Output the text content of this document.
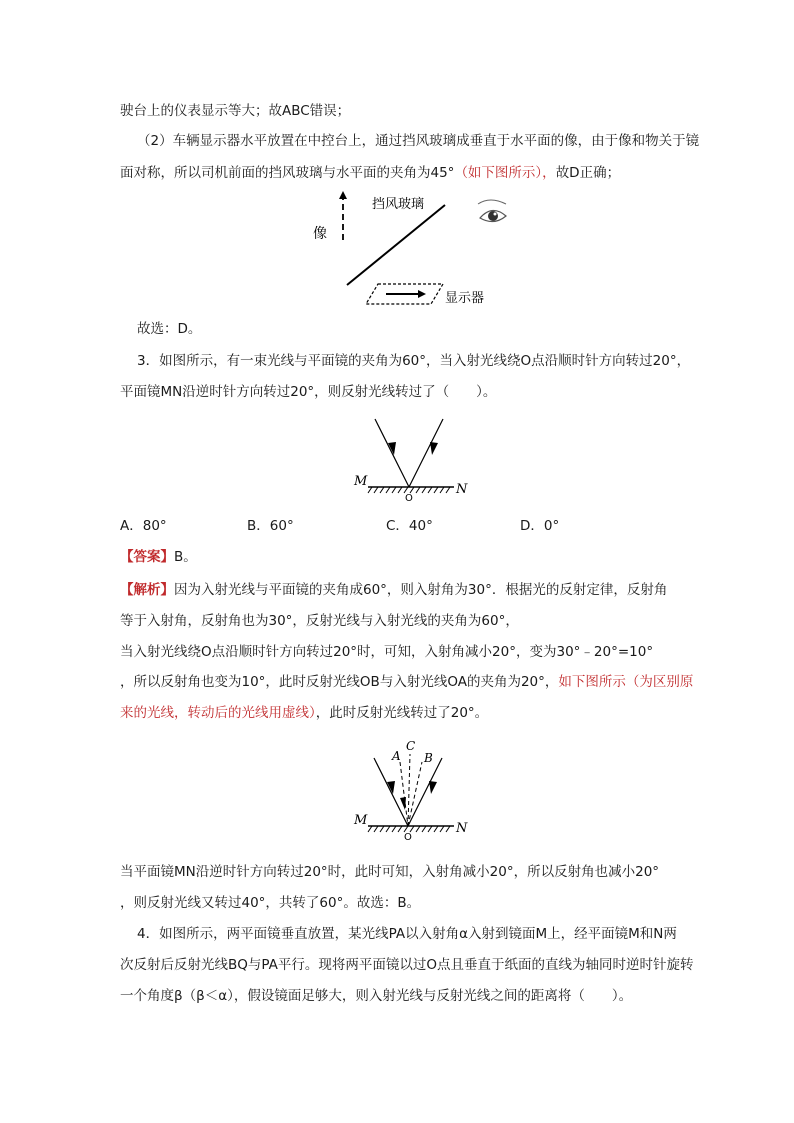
驶台上的仪表显示等大；故ABC错误；
（2）车辆显示器水平放置在中控台上，通过挡风玻璃成垂直于水平面的像，由于像和物关于镜
面对称，所以司机前面的挡风玻璃与水平面的夹角为45°（如下图所示），故D正确；
像
挡风玻璃
显示器
故选：D。
3．如图所示，有一束光线与平面镜的夹角为60°，当入射光线绕O点沿顺时针方向转过20°，
平面镜MN沿逆时针方向转过20°，则反射光线转过了（　　）。
M
N
O
A．80°	B．60°	C．40°	D．0°
【答案】B。
【解析】因为入射光线与平面镜的夹角成60°，则入射角为30°．根据光的反射定律，反射角
等于入射角，反射角也为30°，反射光线与入射光线的夹角为60°，
当入射光线绕O点沿顺时针方向转过20°时，可知，入射角减小20°，变为30°﹣20°=10°
，所以反射角也变为10°，此时反射光线OB与入射光线OA的夹角为20°，如下图所示（为区别原
来的光线，转动后的光线用虚线），此时反射光线转过了20°。
A
C
B
M
N
O
当平面镜MN沿逆时针方向转过20°时，此时可知，入射角减小20°，所以反射角也减小20°
，则反射光线又转过40°，共转了60°。故选：B。
4．如图所示，两平面镜垂直放置，某光线PA以入射角α入射到镜面M上，经平面镜M和N两
次反射后反射光线BQ与PA平行。现将两平面镜以过O点且垂直于纸面的直线为轴同时逆时针旋转
一个角度β（β＜α），假设镜面足够大，则入射光线与反射光线之间的距离将（　　）。
